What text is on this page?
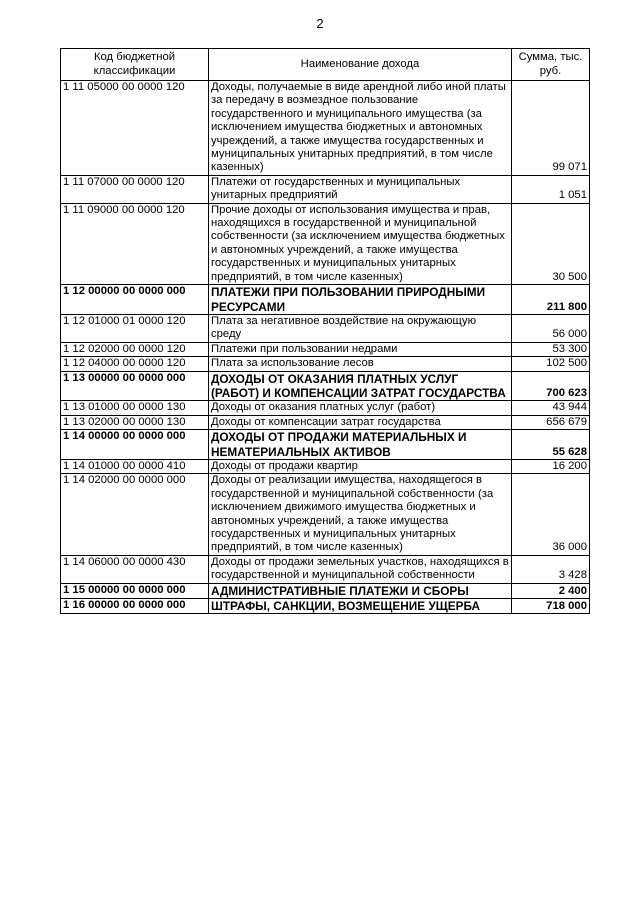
2
Код бюджетной классификации	Наименование дохода	Сумма, тыс. руб.
1 11 05000 00 0000 120	Доходы, получаемые в виде арендной либо иной платы за передачу в возмездное пользование государственного и муниципального имущества (за исключением имущества бюджетных и автономных учреждений, а также имущества государственных и муниципальных унитарных предприятий, в том числе казенных)	99 071
1 11 07000 00 0000 120	Платежи от государственных и муниципальных унитарных предприятий	1 051
1 11 09000 00 0000 120	Прочие доходы от использования имущества и прав, находящихся в государственной и муниципальной собственности (за исключением имущества бюджетных и автономных учреждений, а также имущества государственных и муниципальных унитарных предприятий, в том числе казенных)	30 500
1 12 00000 00 0000 000	ПЛАТЕЖИ ПРИ ПОЛЬЗОВАНИИ ПРИРОДНЫМИ РЕСУРСАМИ	211 800
1 12 01000 01 0000 120	Плата за негативное воздействие на окружающую среду	56 000
1 12 02000 00 0000 120	Платежи при пользовании недрами	53 300
1 12 04000 00 0000 120	Плата за использование лесов	102 500
1 13 00000 00 0000 000	ДОХОДЫ ОТ ОКАЗАНИЯ ПЛАТНЫХ УСЛУГ (РАБОТ) И КОМПЕНСАЦИИ ЗАТРАТ ГОСУДАРСТВА	700 623
1 13 01000 00 0000 130	Доходы от оказания платных услуг (работ)	43 944
1 13 02000 00 0000 130	Доходы от компенсации затрат государства	656 679
1 14 00000 00 0000 000	ДОХОДЫ ОТ ПРОДАЖИ МАТЕРИАЛЬНЫХ И НЕМАТЕРИАЛЬНЫХ АКТИВОВ	55 628
1 14 01000 00 0000 410	Доходы от продажи квартир	16 200
1 14 02000 00 0000 000	Доходы от реализации имущества, находящегося в государственной и муниципальной собственности (за исключением движимого имущества бюджетных и автономных учреждений, а также имущества государственных и муниципальных унитарных предприятий, в том числе казенных)	36 000
1 14 06000 00 0000 430	Доходы от продажи земельных участков, находящихся в государственной и муниципальной собственности	3 428
1 15 00000 00 0000 000	АДМИНИСТРАТИВНЫЕ ПЛАТЕЖИ И СБОРЫ	2 400
1 16 00000 00 0000 000	ШТРАФЫ, САНКЦИИ, ВОЗМЕЩЕНИЕ УЩЕРБА	718 000
